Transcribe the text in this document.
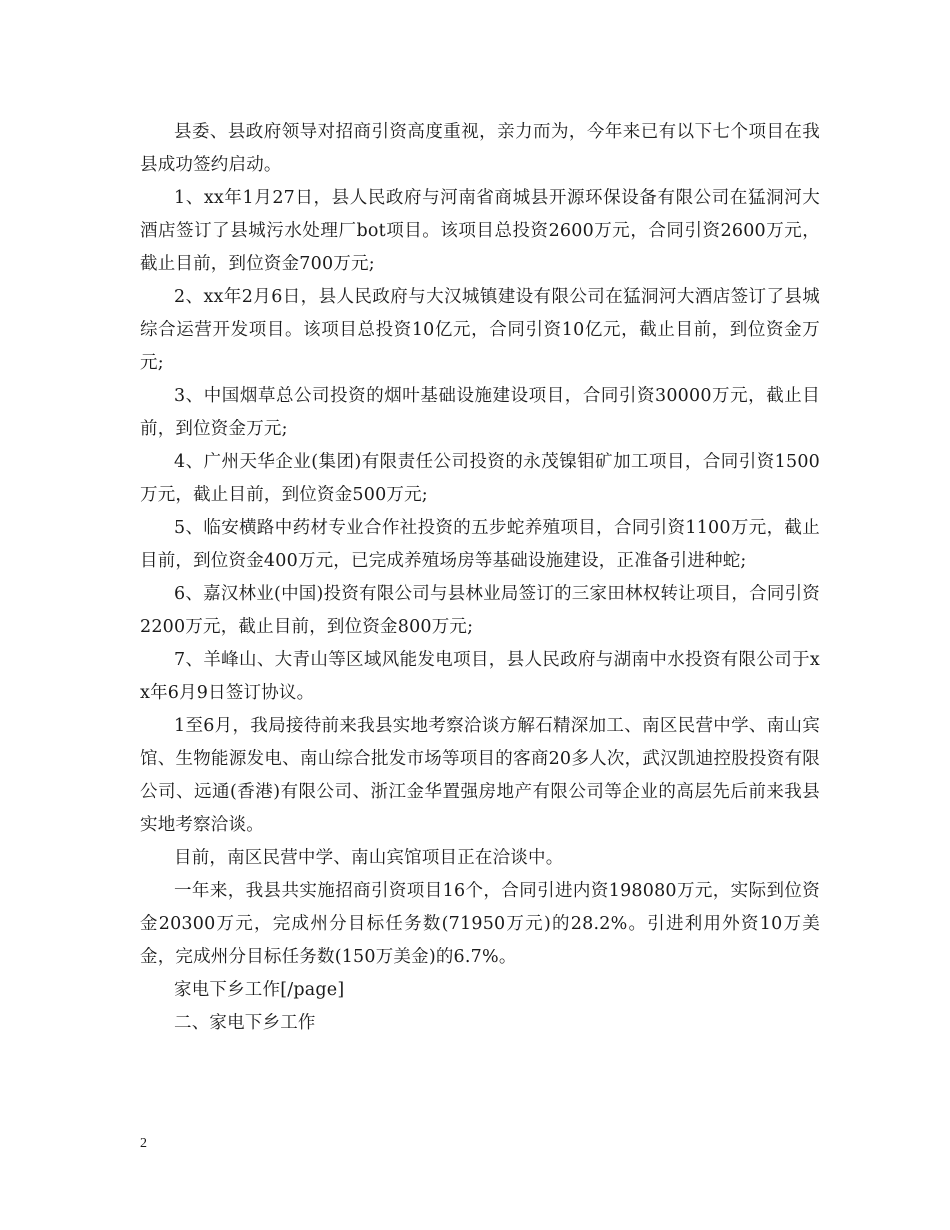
县委、县政府领导对招商引资高度重视，亲力而为，今年来已有以下七个项目在我县成功签约启动。

1、xx年1月27日，县人民政府与河南省商城县开源环保设备有限公司在猛洞河大酒店签订了县城污水处理厂bot项目。该项目总投资2600万元，合同引资2600万元，截止目前，到位资金700万元;

2、xx年2月6日，县人民政府与大汉城镇建设有限公司在猛洞河大酒店签订了县城综合运营开发项目。该项目总投资10亿元，合同引资10亿元，截止目前，到位资金万元;

3、中国烟草总公司投资的烟叶基础设施建设项目，合同引资30000万元，截止目前，到位资金万元;

4、广州天华企业(集团)有限责任公司投资的永茂镍钼矿加工项目，合同引资1500万元，截止目前，到位资金500万元;

5、临安横路中药材专业合作社投资的五步蛇养殖项目，合同引资1100万元，截止目前，到位资金400万元，已完成养殖场房等基础设施建设，正准备引进种蛇;

6、嘉汉林业(中国)投资有限公司与县林业局签订的三家田林权转让项目，合同引资2200万元，截止目前，到位资金800万元;

7、羊峰山、大青山等区域风能发电项目，县人民政府与湖南中水投资有限公司于xx年6月9日签订协议。

1至6月，我局接待前来我县实地考察洽谈方解石精深加工、南区民营中学、南山宾馆、生物能源发电、南山综合批发市场等项目的客商20多人次，武汉凯迪控股投资有限公司、远通(香港)有限公司、浙江金华置强房地产有限公司等企业的高层先后前来我县实地考察洽谈。

目前，南区民营中学、南山宾馆项目正在洽谈中。

一年来，我县共实施招商引资项目16个，合同引进内资198080万元，实际到位资金20300万元，完成州分目标任务数(71950万元)的28.2%。引进利用外资10万美金，完成州分目标任务数(150万美金)的6.7%。

家电下乡工作[/page]

二、家电下乡工作

2
